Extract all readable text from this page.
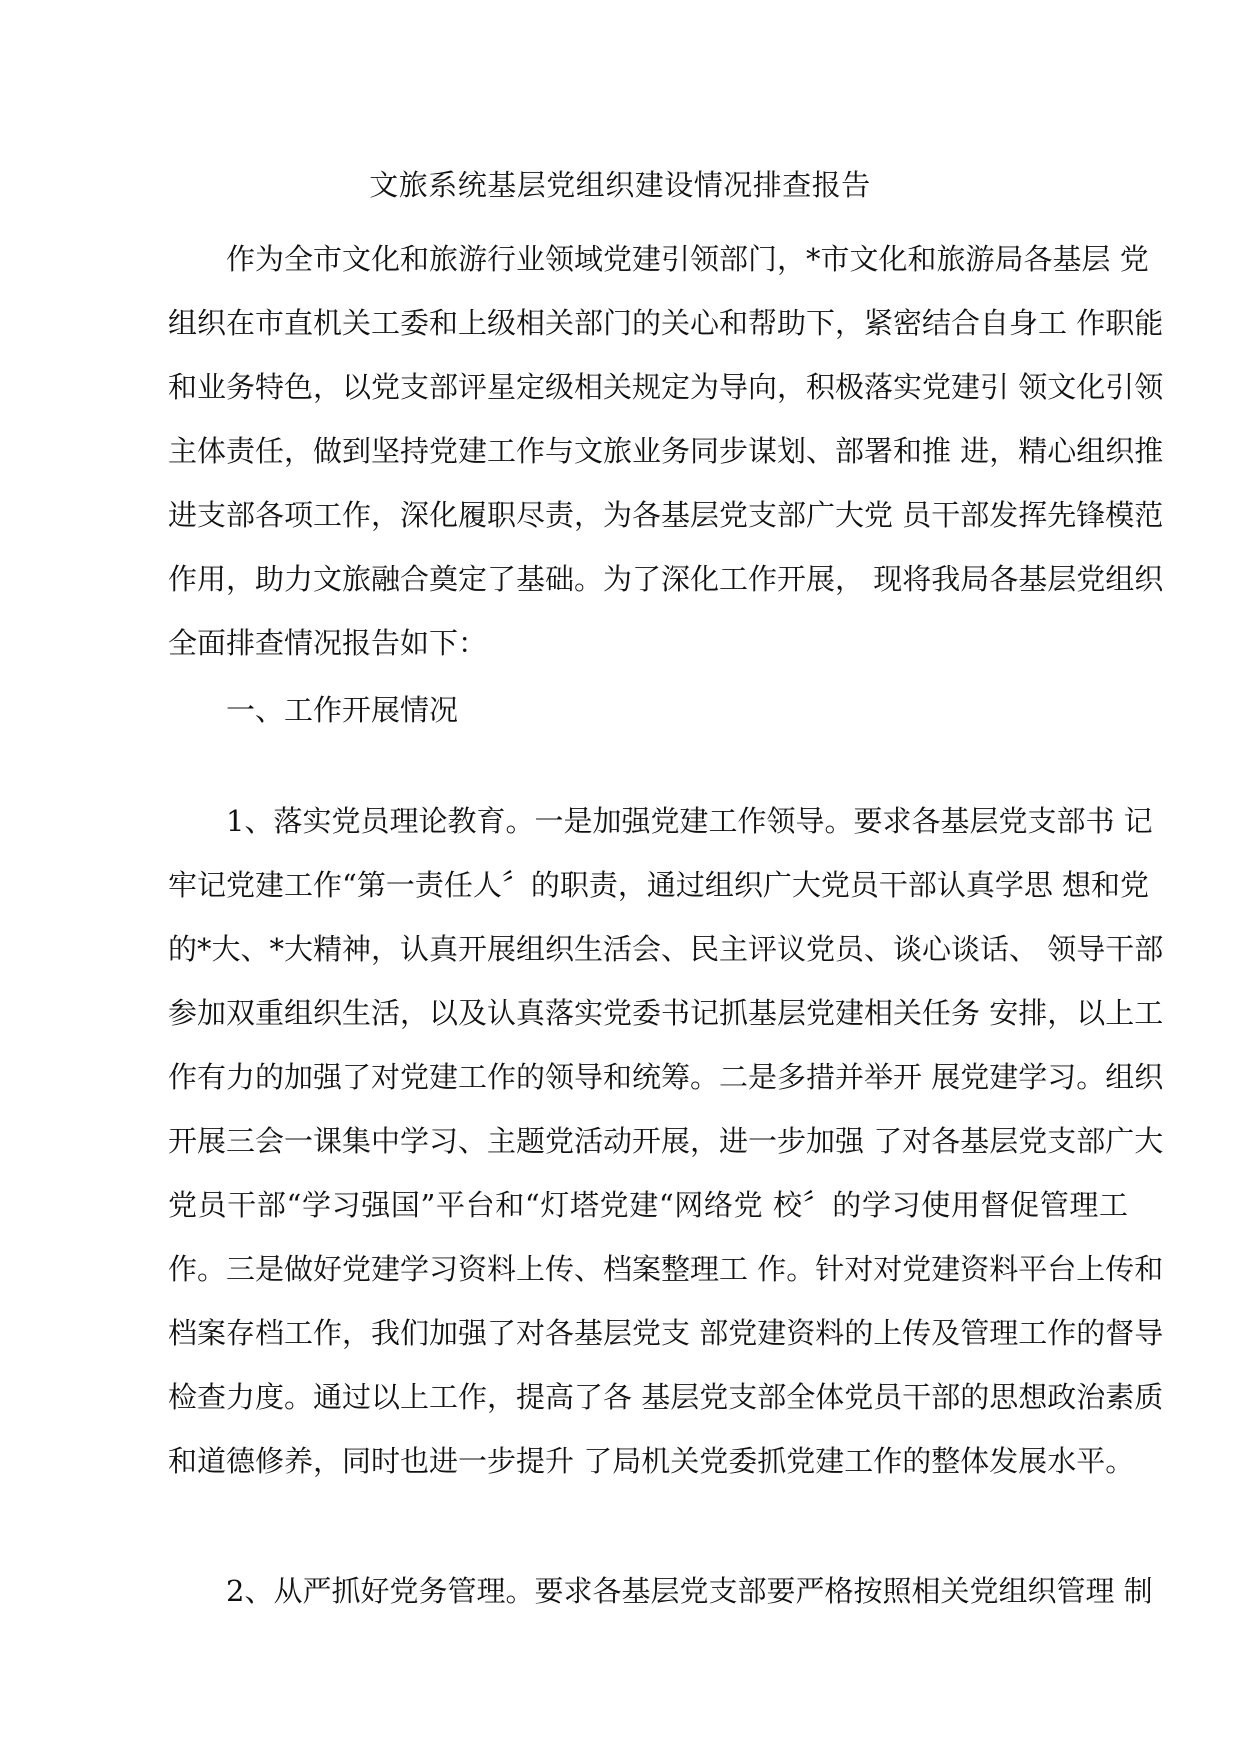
文旅系统基层党组织建设情况排查报告
　　作为全市文化和旅游行业领域党建引领部门，*市文化和旅游局各基层 党
组织在市直机关工委和上级相关部门的关心和帮助下，紧密结合自身工 作职能
和业务特色，以党支部评星定级相关规定为导向，积极落实党建引 领文化引领
主体责任，做到坚持党建工作与文旅业务同步谋划、部署和推 进，精心组织推
进支部各项工作，深化履职尽责，为各基层党支部广大党 员干部发挥先锋模范
作用，助力文旅融合奠定了基础。为了深化工作开展， 现将我局各基层党组织
全面排查情况报告如下：
　　一、工作开展情况
　　1、落实党员理论教育。一是加强党建工作领导。要求各基层党支部书 记
牢记党建工作“第一责任人〞的职责，通过组织广大党员干部认真学思 想和党
的*大、*大精神，认真开展组织生活会、民主评议党员、谈心谈话、 领导干部
参加双重组织生活，以及认真落实党委书记抓基层党建相关任务 安排，以上工
作有力的加强了对党建工作的领导和统筹。二是多措并举开 展党建学习。组织
开展三会一课集中学习、主题党活动开展，进一步加强 了对各基层党支部广大
党员干部“学习强国”平台和“灯塔党建“网络党 校〞的学习使用督促管理工
作。三是做好党建学习资料上传、档案整理工 作。针对对党建资料平台上传和
档案存档工作，我们加强了对各基层党支 部党建资料的上传及管理工作的督导
检查力度。通过以上工作，提高了各 基层党支部全体党员干部的思想政治素质
和道德修养，同时也进一步提升 了局机关党委抓党建工作的整体发展水平。
　　2、从严抓好党务管理。要求各基层党支部要严格按照相关党组织管理 制
